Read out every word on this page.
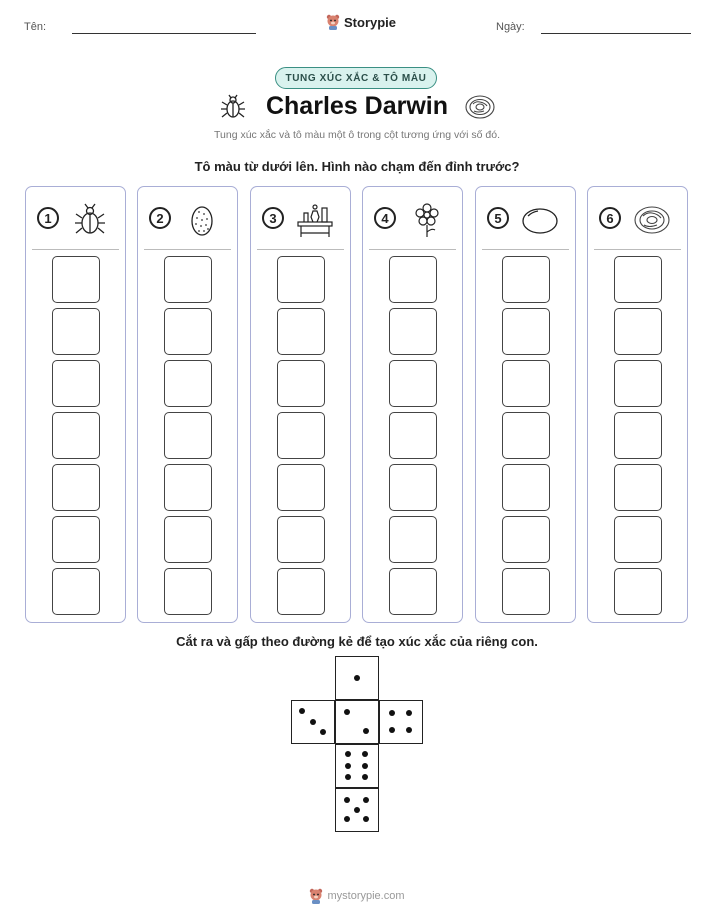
Tên:	Storypie	Ngày:
TUNG XÚC XẮC & TÔ MÀU
Charles Darwin
Tung xúc xắc và tô màu một ô trong cột tương ứng với số đó.
Tô màu từ dưới lên. Hình nào chạm đến đỉnh trước?
1	2	3	4	5	6
Cắt ra và gấp theo đường kẻ để tạo xúc xắc của riêng con.
mystorypie.com
